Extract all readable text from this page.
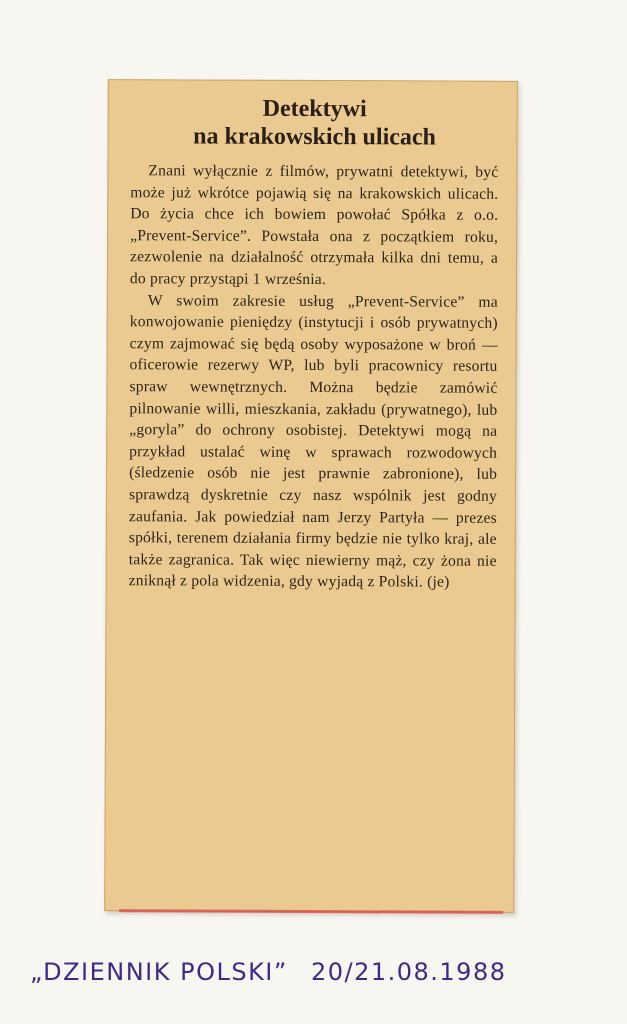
Detektywi
na krakowskich ulicach

Znani wyłącznie z filmów, prywatni detektywi, być może już wkrótce pojawią się na krakowskich ulicach. Do życia chce ich bowiem powołać Spółka z o.o. „Prevent-Service”. Powstała ona z początkiem roku, zezwolenie na działalność otrzymała kilka dni temu, a do pracy przystąpi 1 września.

W swoim zakresie usług „Prevent-Service” ma konwojowanie pieniędzy (instytucji i osób prywatnych) czym zajmować się będą osoby wyposażone w broń — oficerowie rezerwy WP, lub byli pracownicy resortu spraw wewnętrznych. Można będzie zamówić pilnowanie willi, mieszkania, zakładu (prywatnego), lub „goryla” do ochrony osobistej. Detektywi mogą na przykład ustalać winę w sprawach rozwodowych (śledzenie osób nie jest prawnie zabronione), lub sprawdzą dyskretnie czy nasz wspólnik jest godny zaufania. Jak powiedział nam Jerzy Partyła — prezes spółki, terenem działania firmy będzie nie tylko kraj, ale także zagranica. Tak więc niewierny mąż, czy żona nie zniknął z pola widzenia, gdy wyjadą z Polski. (je)

„DZIENNIK POLSKI” 20/21.08.1988
